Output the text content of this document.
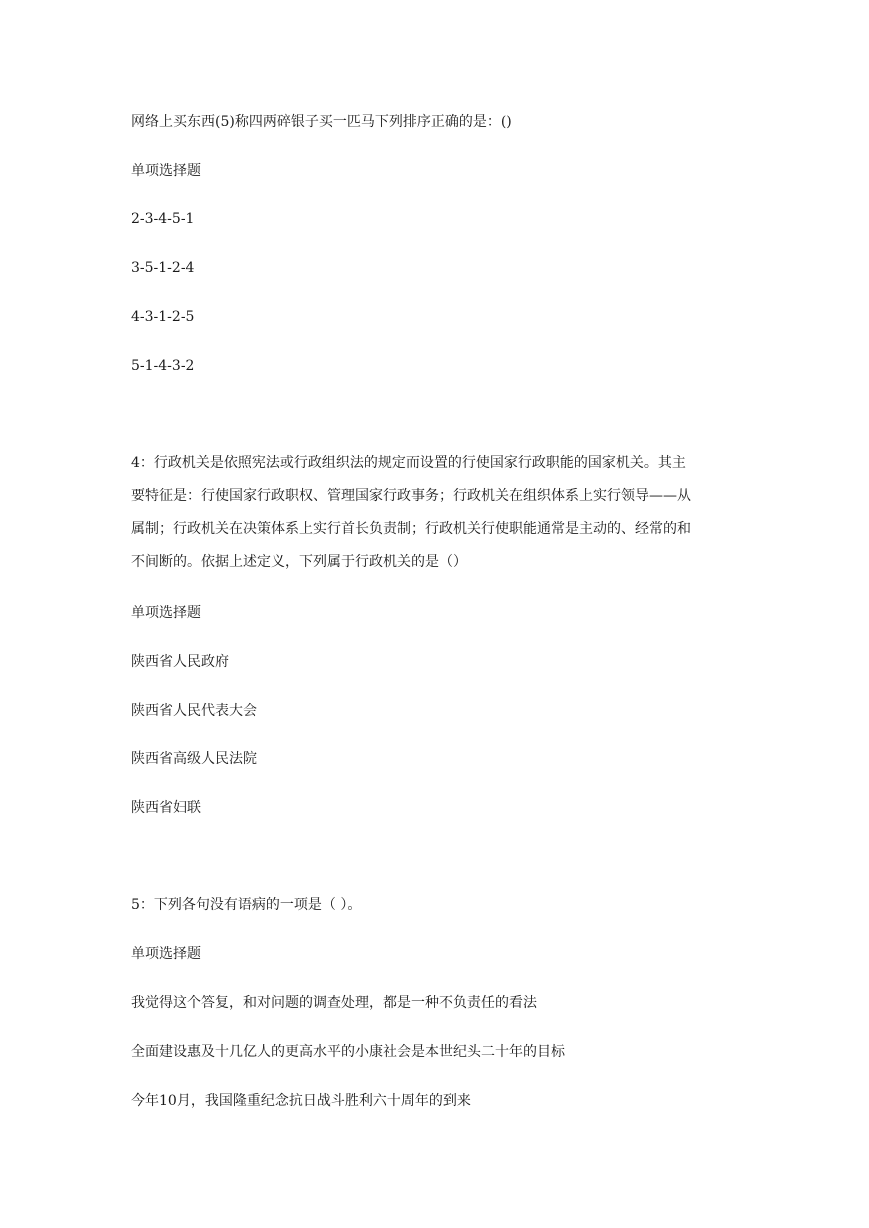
网络上买东西(5)称四两碎银子买一匹马下列排序正确的是：()
单项选择题
2-3-4-5-1
3-5-1-2-4
4-3-1-2-5
5-1-4-3-2
4：行政机关是依照宪法或行政组织法的规定而设置的行使国家行政职能的国家机关。其主
要特征是：行使国家行政职权、管理国家行政事务；行政机关在组织体系上实行领导——从
属制；行政机关在决策体系上实行首长负责制；行政机关行使职能通常是主动的、经常的和
不间断的。依据上述定义，下列属于行政机关的是（）
单项选择题
陕西省人民政府
陕西省人民代表大会
陕西省高级人民法院
陕西省妇联
5：下列各句没有语病的一项是（ ）。
单项选择题
我觉得这个答复，和对问题的调查处理，都是一种不负责任的看法
全面建设惠及十几亿人的更高水平的小康社会是本世纪头二十年的目标
今年10月，我国隆重纪念抗日战斗胜利六十周年的到来
